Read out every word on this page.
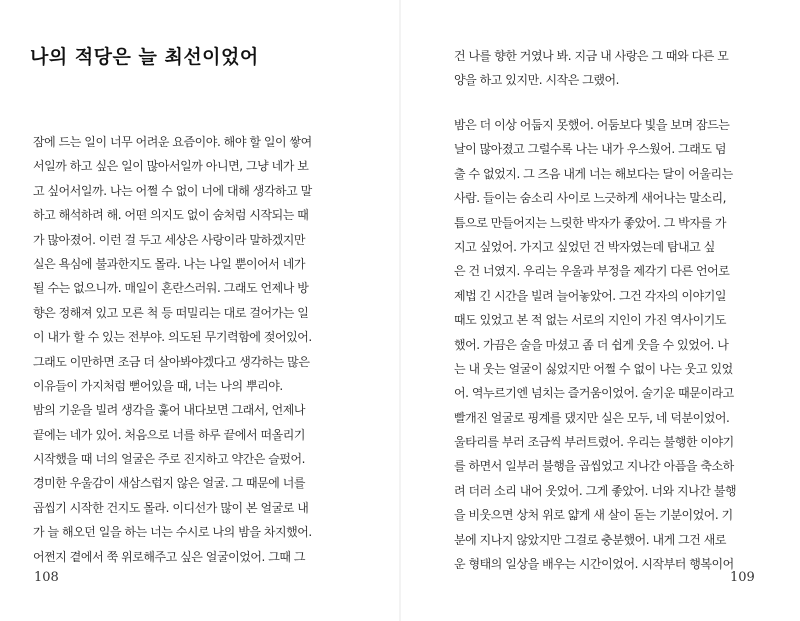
나의 적당은 늘 최선이었어
잠에 드는 일이 너무 어려운 요즘이야. 해야 할 일이 쌓여
서일까 하고 싶은 일이 많아서일까 아니면, 그냥 네가 보
고 싶어서일까. 나는 어쩔 수 없이 너에 대해 생각하고 말
하고 해석하려 해. 어떤 의지도 없이 숨처럼 시작되는 때
가 많아졌어. 이런 걸 두고 세상은 사랑이라 말하겠지만
실은 욕심에 불과한지도 몰라. 나는 나일 뿐이어서 네가
될 수는 없으니까. 매일이 혼란스러워. 그래도 언제나 방
향은 정해져 있고 모른 척 등 떠밀리는 대로 걸어가는 일
이 내가 할 수 있는 전부야. 의도된 무기력함에 젖어있어.
그래도 이만하면 조금 더 살아봐야겠다고 생각하는 많은
이유들이 가지처럼 뻗어있을 때, 너는 나의 뿌리야.
밤의 기운을 빌려 생각을 훑어 내다보면 그래서, 언제나
끝에는 네가 있어. 처음으로 너를 하루 끝에서 떠올리기
시작했을 때 너의 얼굴은 주로 진지하고 약간은 슬펐어.
경미한 우울감이 새삼스럽지 않은 얼굴. 그 때문에 너를
곱씹기 시작한 건지도 몰라. 이디선가 많이 본 얼굴로 내
가 늘 해오던 일을 하는 너는 수시로 나의 밤을 차지했어.
어쩐지 곁에서 쭉 위로해주고 싶은 얼굴이었어. 그때 그
108
건 나를 향한 거였나 봐. 지금 내 사랑은 그 때와 다른 모
양을 하고 있지만. 시작은 그랬어.
밤은 더 이상 어둡지 못했어. 어둠보다 빛을 보며 잠드는
날이 많아졌고 그럴수록 나는 내가 우스웠어. 그래도 덤
출 수 없었지. 그 즈음 내게 너는 해보다는 달이 어울리는
사람. 들이는 숨소리 사이로 느긋하게 새어나는 말소리,
틈으로 만들어지는 느릿한 박자가 좋았어. 그 박자를 가
지고 싶었어. 가지고 싶었던 건 박자였는데 탐내고 싶
은 건 너였지. 우리는 우울과 부정을 제각기 다른 언어로
제법 긴 시간을 빌려 늘어놓았어. 그건 각자의 이야기일
때도 있었고 본 적 없는 서로의 지인이 가진 역사이기도
했어. 가끔은 술을 마셨고 좀 더 쉽게 웃을 수 있었어. 나
는 내 웃는 얼굴이 싫었지만 어쩔 수 없이 나는 웃고 있었
어. 역누르기엔 넘치는 즐거움이었어. 술기운 때문이라고
빨개진 얼굴로 핑계를 댔지만 실은 모두, 네 덕분이었어.
울타리를 부러 조금씩 부러트렸어. 우리는 불행한 이야기
를 하면서 일부러 불행을 곱씹었고 지나간 아픔을 축소하
려 더러 소리 내어 웃었어. 그게 좋았어. 너와 지나간 불행
을 비웃으면 상처 위로 얇게 새 살이 돋는 기분이었어. 기
분에 지나지 않았지만 그걸로 충분했어. 내게 그건 새로
운 형태의 일상을 배우는 시간이었어. 시작부터 행복이어
109
